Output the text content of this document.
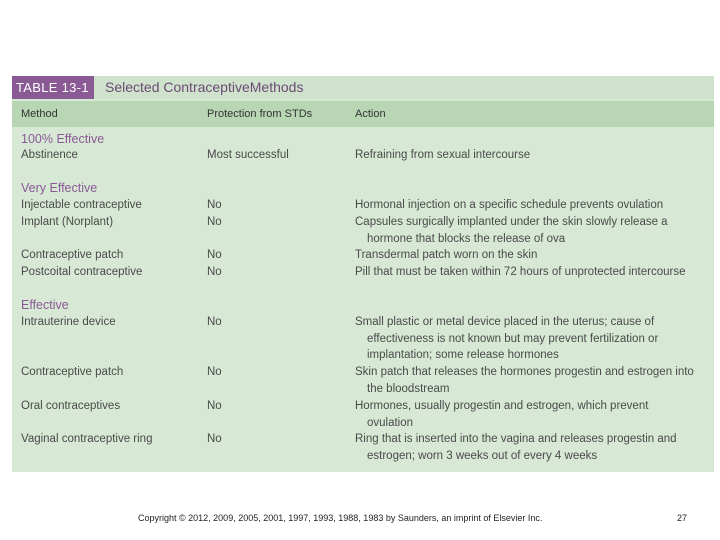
TABLE 13-1	Selected ContraceptiveMethods
Method	Protection from STDs	Action
100% Effective
Abstinence	Most successful	Refraining from sexual intercourse
Very Effective
Injectable contraceptive	No	Hormonal injection on a specific schedule prevents ovulation
Implant (Norplant)	No	Capsules surgically implanted under the skin slowly release a
hormone that blocks the release of ova
Contraceptive patch	No	Transdermal patch worn on the skin
Postcoital contraceptive	No	Pill that must be taken within 72 hours of unprotected intercourse
Effective
Intrauterine device	No	Small plastic or metal device placed in the uterus; cause of
effectiveness is not known but may prevent fertilization or
implantation; some release hormones
Contraceptive patch	No	Skin patch that releases the hormones progestin and estrogen into
the bloodstream
Oral contraceptives	No	Hormones, usually progestin and estrogen, which prevent
ovulation
Vaginal contraceptive ring	No	Ring that is inserted into the vagina and releases progestin and
estrogen; worn 3 weeks out of every 4 weeks
Copyright © 2012, 2009, 2005, 2001, 1997, 1993, 1988, 1983 by Saunders, an imprint of Elsevier Inc.	27
